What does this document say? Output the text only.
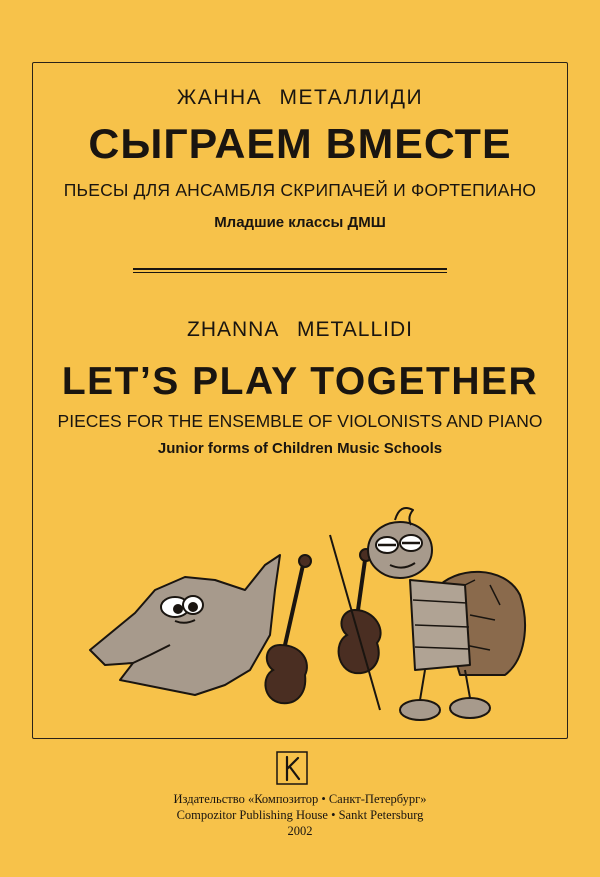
ЖАННА МЕТАЛЛИДИ
СЫГРАЕМ ВМЕСТЕ
ПЬЕСЫ ДЛЯ АНСАМБЛЯ СКРИПАЧЕЙ И ФОРТЕПИАНО
Младшие классы ДМШ
ZHANNA METALLIDI
LET’S PLAY TOGETHER
PIECES FOR THE ENSEMBLE OF VIOLONISTS AND PIANO
Junior forms of Children Music Schools
Издательство «Композитор • Санкт-Петербург»
Compozitor Publishing House • Sankt Petersburg
2002
